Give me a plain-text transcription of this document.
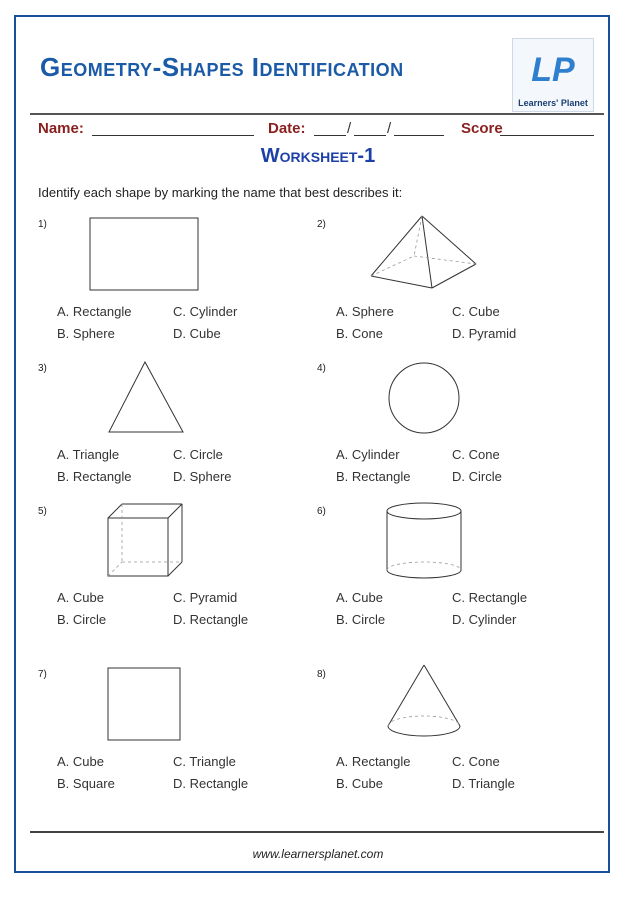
Geometry-Shapes Identification	LP
Learners' Planet
Name:	Date:	/ /	Score
Worksheet-1
Identify each shape by marking the name that best describes it:
1)
A. Rectangle	C. Cylinder
B. Sphere	D. Cube
2)
A. Sphere	C. Cube
B. Cone	D. Pyramid
3)
A. Triangle	C. Circle
B. Rectangle	D. Sphere
4)
A. Cylinder	C. Cone
B. Rectangle	D. Circle
5)
A. Cube	C. Pyramid
B. Circle	D. Rectangle
6)
A. Cube	C. Rectangle
B. Circle	D. Cylinder
7)
A. Cube	C. Triangle
B. Square	D. Rectangle
8)
A. Rectangle	C. Cone
B. Cube	D. Triangle
www.learnersplanet.com
